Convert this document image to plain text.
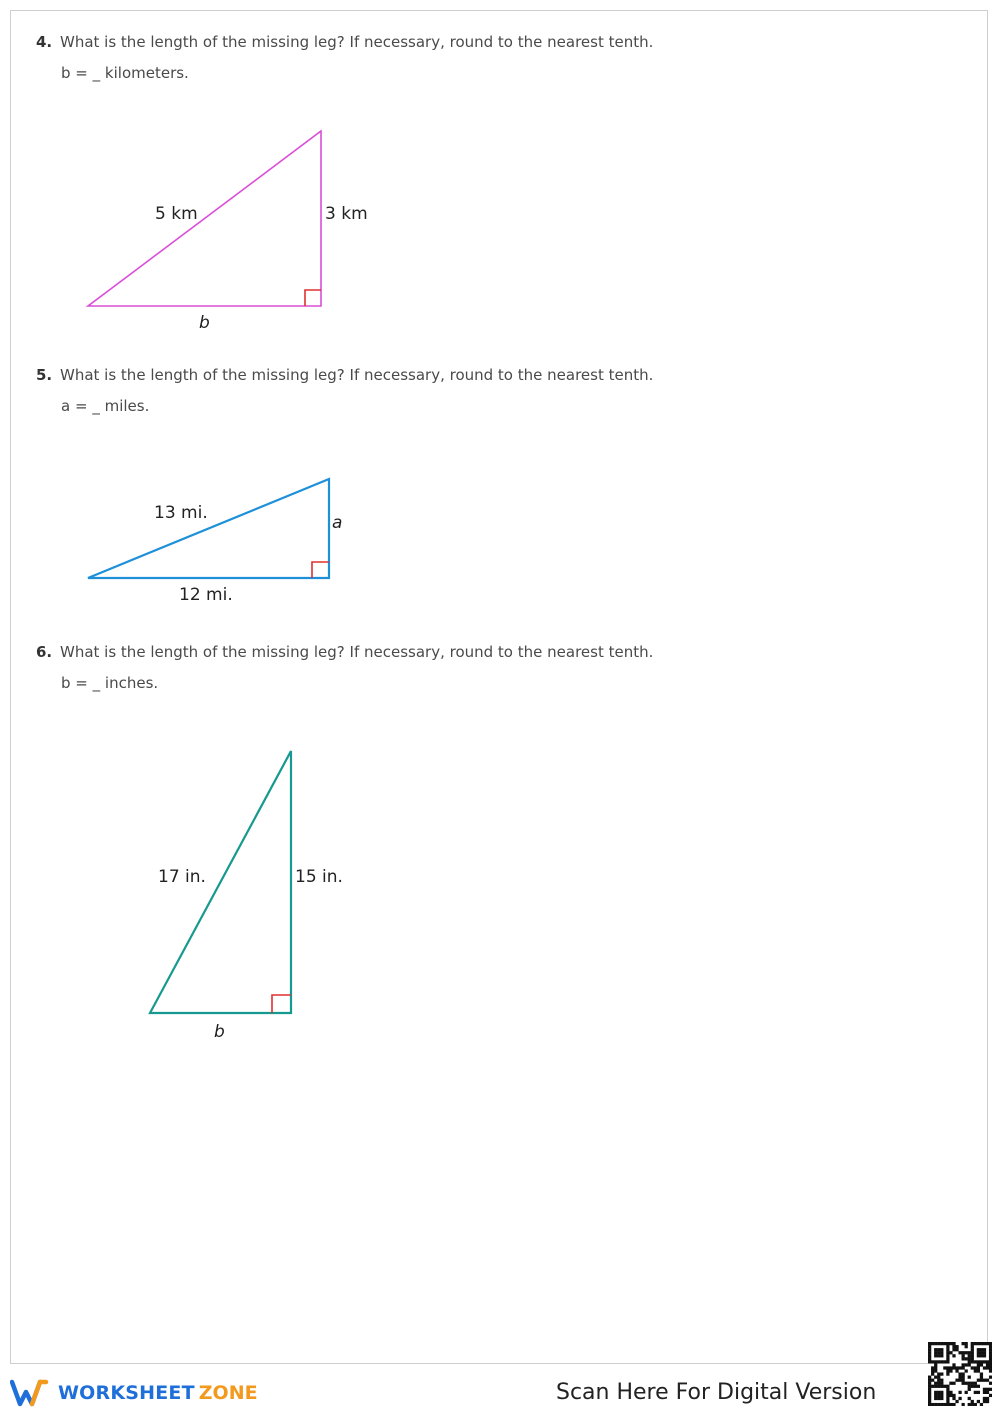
4. What is the length of the missing leg? If necessary, round to the nearest tenth.
b = _ kilometers.
5 km	3 km
b
13 mi.	a
12 mi.
17 in.	15 in.
b
5. What is the length of the missing leg? If necessary, round to the nearest tenth.
a = _ miles.
6. What is the length of the missing leg? If necessary, round to the nearest tenth.
b = _ inches.
WORKSHEET ZONE	Scan Here For Digital Version
